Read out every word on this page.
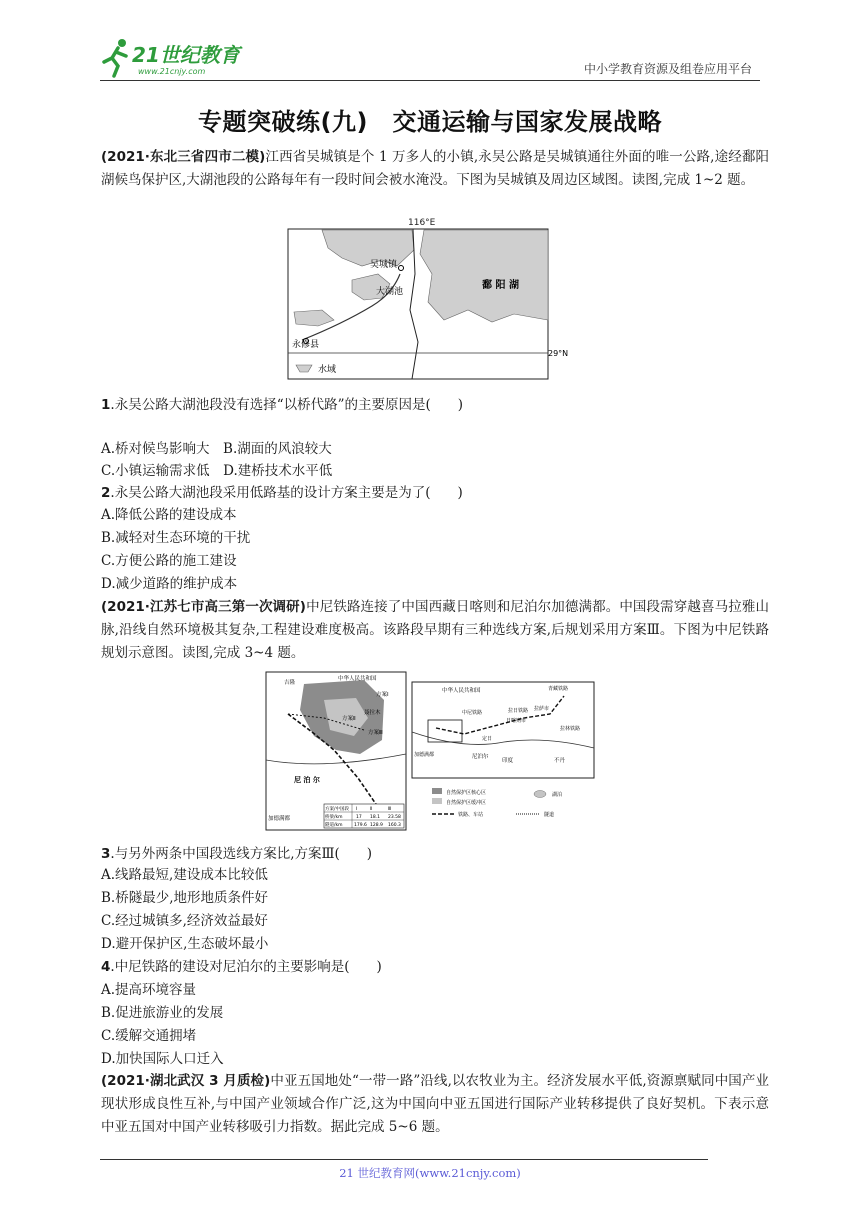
21世纪教育
www.21cnjy.com	中小学教育资源及组卷应用平台
专题突破练(九)　交通运输与国家发展战略
(2021·东北三省四市二模)江西省吴城镇是个 1 万多人的小镇,永吴公路是吴城镇通往外面的唯一公路,途经鄱阳湖候鸟保护区,大湖池段的公路每年有一段时间会被水淹没。下图为吴城镇及周边区域图。读图,完成 1~2 题。
116°E
吴城镇
大湖池
鄱 阳 湖
永修县
29°N
水域
1.永吴公路大湖池段没有选择“以桥代路”的主要原因是(　　)
A.桥对候鸟影响大　B.湖面的风浪较大
C.小镇运输需求低　D.建桥技术水平低
2.永吴公路大湖池段采用低路基的设计方案主要是为了(　　)
A.降低公路的建设成本
B.减轻对生态环境的干扰
C.方便公路的施工建设
D.减少道路的维护成本
(2021·江苏七市高三第一次调研)中尼铁路连接了中国西藏日喀则和尼泊尔加德满都。中国段需穿越喜马拉雅山脉,沿线自然环境极其复杂,工程建设难度极高。该路段早期有三种选线方案,后规划采用方案Ⅲ。下图为中尼铁路规划示意图。读图,完成 3~4 题。
吉隆
中华人民共和国
方案Ⅰ
方案Ⅱ
方案Ⅲ
聂拉木
尼 泊 尔
加德满都
方案/中国段 Ⅰ	Ⅱ	Ⅲ
桥梁/km	17 18.1 23.58
隧道/km	179.6 128.9 160.3
中华人民共和国	青藏铁路
拉萨市
拉日铁路
日喀则市
中尼铁路
拉林铁路
定日
加德满都	尼泊尔
印度	不丹
自然保护区核心区
自然保护区缓冲区
湖泊
铁路、车站	隧道
3.与另外两条中国段选线方案比,方案Ⅲ(　　)
A.线路最短,建设成本比较低
B.桥隧最少,地形地质条件好
C.经过城镇多,经济效益最好
D.避开保护区,生态破坏最小
4.中尼铁路的建设对尼泊尔的主要影响是(　　)
A.提高环境容量
B.促进旅游业的发展
C.缓解交通拥堵
D.加快国际人口迁入
(2021·湖北武汉 3 月质检)中亚五国地处“一带一路”沿线,以农牧业为主。经济发展水平低,资源禀赋同中国产业现状形成良性互补,与中国产业领域合作广泛,这为中国向中亚五国进行国际产业转移提供了良好契机。下表示意中亚五国对中国产业转移吸引力指数。据此完成 5~6 题。
21 世纪教育网(www.21cnjy.com)
